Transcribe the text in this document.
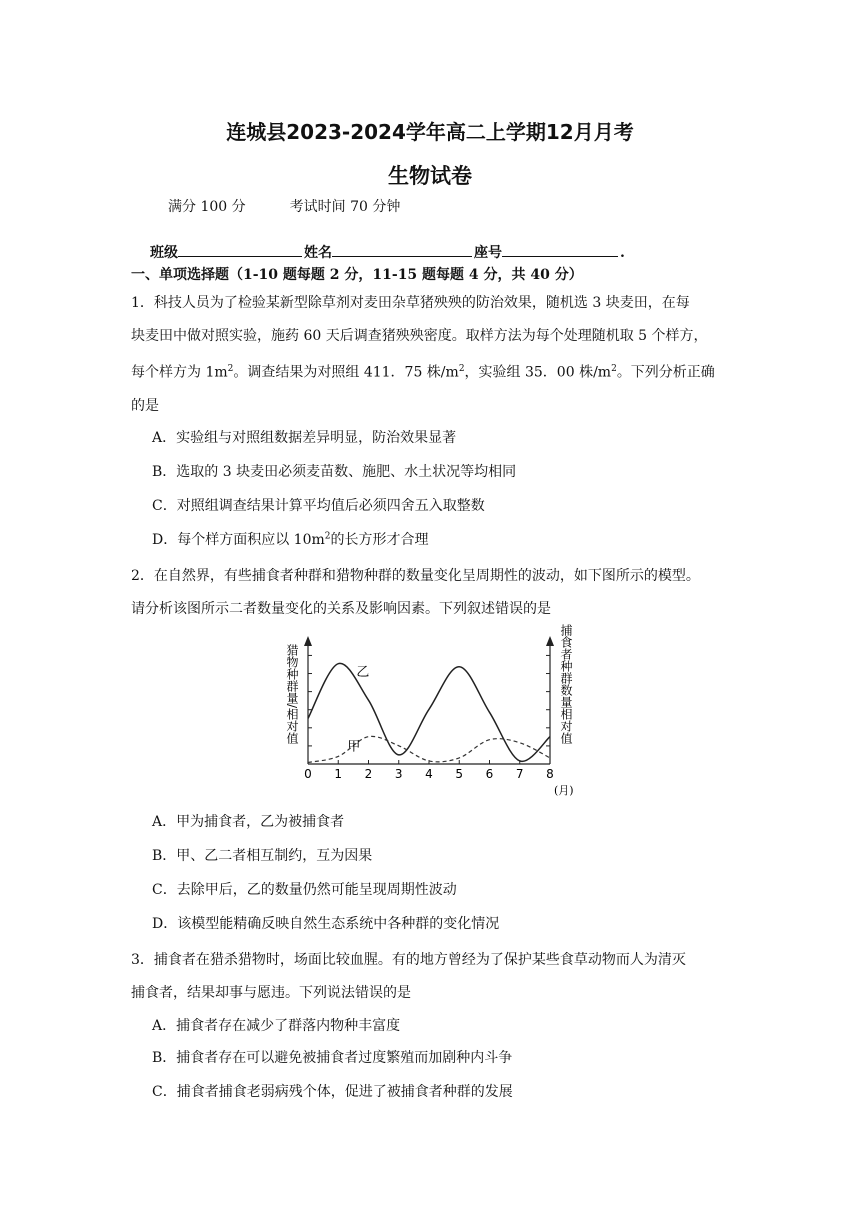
连城县2023-2024学年高二上学期12月月考
生物试卷
满分 100 分	考试时间 70 分钟
班级	姓名	座号	.
一、单项选择题（1-10 题每题 2 分，11-15 题每题 4 分，共 40 分）
1．科技人员为了检验某新型除草剂对麦田杂草猪殃殃的防治效果，随机选 3 块麦田，在每
块麦田中做对照实验，施药 60 天后调查猪殃殃密度。取样方法为每个处理随机取 5 个样方，
每个样方为 $1m^2$。调查结果为对照组 411．75 株$/m^2$，实验组 35．00 株$/m^2$。下列分析正确
的是
A．实验组与对照组数据差异明显，防治效果显著
B．选取的 3 块麦田必须麦苗数、施肥、水土状况等均相同
C．对照组调查结果计算平均值后必须四舍五入取整数
D．每个样方面积应以 $10m^2$的长方形才合理
2．在自然界，有些捕食者种群和猎物种群的数量变化呈周期性的波动，如下图所示的模型。
请分析该图所示二者数量变化的关系及影响因素。下列叙述错误的是
0 1 2 3 4 5 6 7 8
乙
甲
(月)
猎物种群量/相对值	捕食者种群数量相对值
A．甲为捕食者，乙为被捕食者
B．甲、乙二者相互制约，互为因果
C．去除甲后，乙的数量仍然可能呈现周期性波动
D．该模型能精确反映自然生态系统中各种群的变化情况
3．捕食者在猎杀猎物时，场面比较血腥。有的地方曾经为了保护某些食草动物而人为清灭
捕食者，结果却事与愿违。下列说法错误的是
A．捕食者存在减少了群落内物种丰富度
B．捕食者存在可以避免被捕食者过度繁殖而加剧种内斗争
C．捕食者捕食老弱病残个体，促进了被捕食者种群的发展
